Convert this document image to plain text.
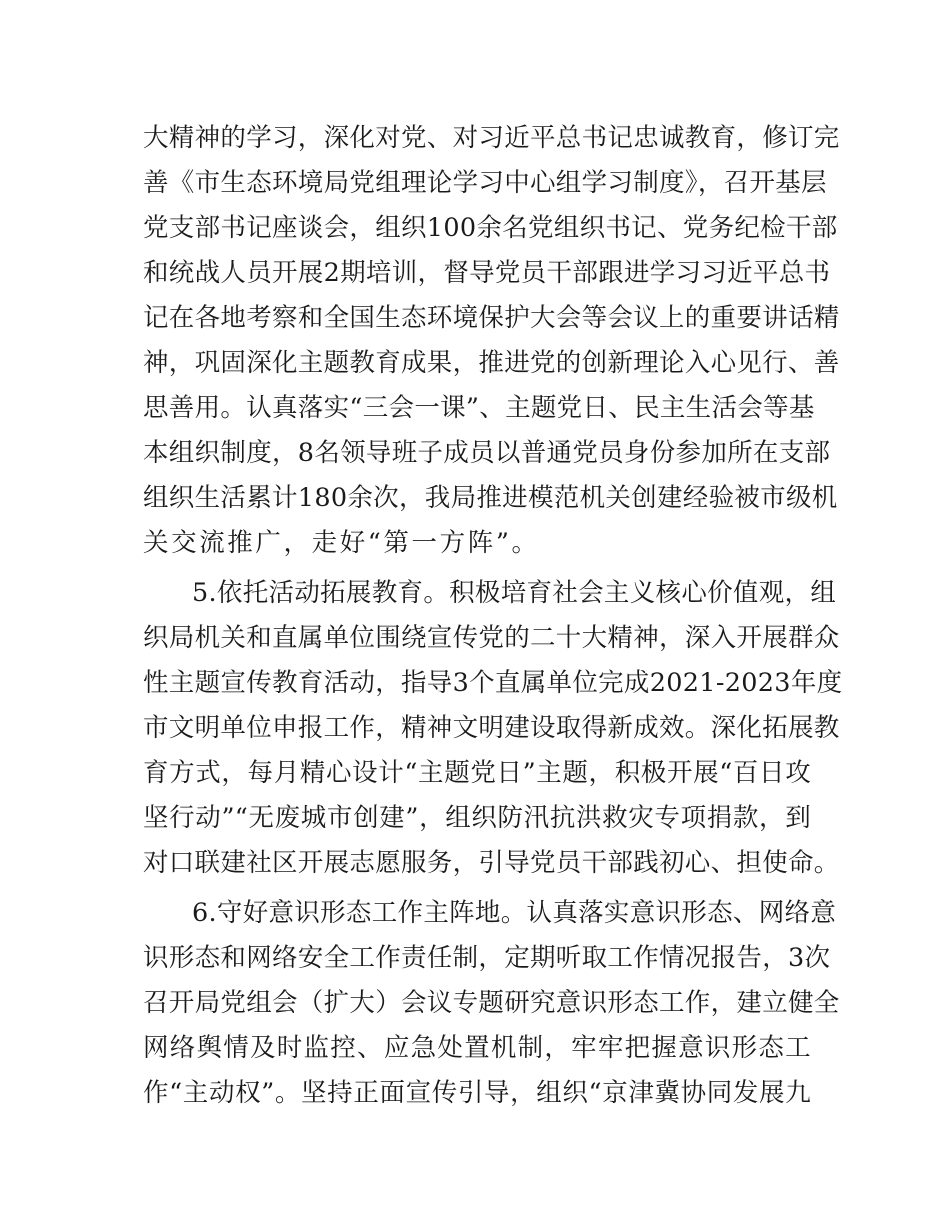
大精神的学习，深化对党、对习近平总书记忠诚教育，修订完
善《市生态环境局党组理论学习中心组学习制度》，召开基层
党支部书记座谈会，组织100余名党组织书记、党务纪检干部
和统战人员开展2期培训，督导党员干部跟进学习习近平总书
记在各地考察和全国生态环境保护大会等会议上的重要讲话精
神，巩固深化主题教育成果，推进党的创新理论入心见行、善
思善用。认真落实“三会一课”、主题党日、民主生活会等基
本组织制度，8名领导班子成员以普通党员身份参加所在支部
组织生活累计180余次，我局推进模范机关创建经验被市级机
关交流推广，走好“第一方阵”。
5.依托活动拓展教育。积极培育社会主义核心价值观，组
织局机关和直属单位围绕宣传党的二十大精神，深入开展群众
性主题宣传教育活动，指导3个直属单位完成2021-2023年度
市文明单位申报工作，精神文明建设取得新成效。深化拓展教
育方式，每月精心设计“主题党日”主题，积极开展“百日攻
坚行动”“无废城市创建”，组织防汛抗洪救灾专项捐款，到
对口联建社区开展志愿服务，引导党员干部践初心、担使命。
6.守好意识形态工作主阵地。认真落实意识形态、网络意
识形态和网络安全工作责任制，定期听取工作情况报告，3次
召开局党组会（扩大）会议专题研究意识形态工作，建立健全
网络舆情及时监控、应急处置机制，牢牢把握意识形态工
作“主动权”。坚持正面宣传引导，组织“京津冀协同发展九
